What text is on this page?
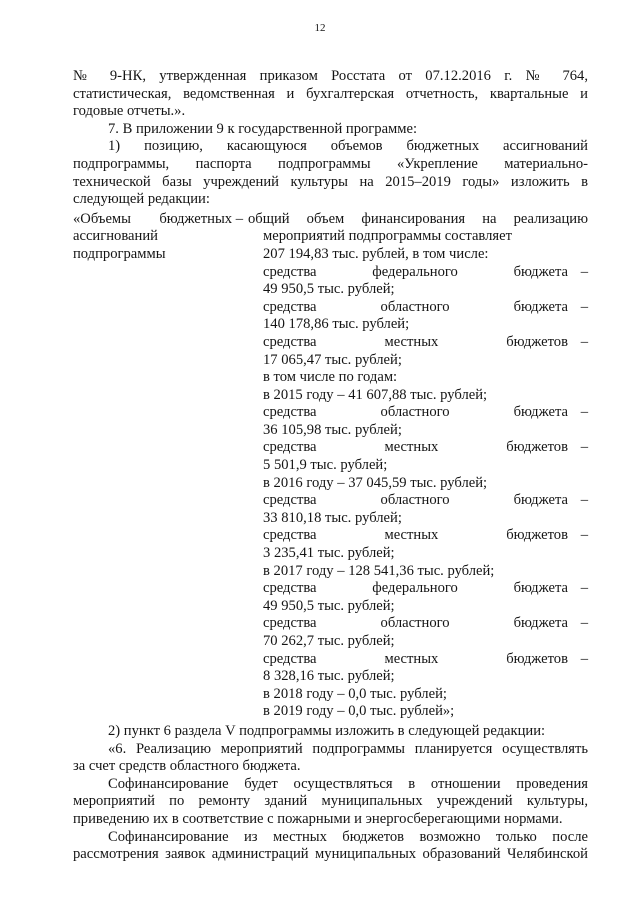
12

№ 9-НК, утвержденная приказом Росстата от 07.12.2016 г. № 764,

статистическая, ведомственная и бухгалтерская отчетность, квартальные и

годовые отчеты.».

7. В приложении 9 к государственной программе:

1) позицию, касающуюся объемов бюджетных ассигнований

подпрограммы, паспорта подпрограммы «Укрепление материально-

технической базы учреждений культуры на 2015–2019 годы» изложить в

следующей редакции:

«Объемы бюджетных – общий объем финансирования на реализацию

ассигнований

подпрограммы

мероприятий подпрограммы составляет
207 194,83 тыс. рублей, в том числе:
средства федерального бюджета –
49 950,5 тыс. рублей;
средства областного бюджета –
140 178,86 тыс. рублей;
средства местных бюджетов –
17 065,47 тыс. рублей;
в том числе по годам:
в 2015 году – 41 607,88 тыс. рублей;
средства областного бюджета –
36 105,98 тыс. рублей;
средства местных бюджетов –
5 501,9 тыс. рублей;
в 2016 году – 37 045,59 тыс. рублей;
средства областного бюджета –
33 810,18 тыс. рублей;
средства местных бюджетов –
3 235,41 тыс. рублей;
в 2017 году – 128 541,36 тыс. рублей;
средства федерального бюджета –
49 950,5 тыс. рублей;
средства областного бюджета –
70 262,7 тыс. рублей;
средства местных бюджетов –
8 328,16 тыс. рублей;
в 2018 году – 0,0 тыс. рублей;
в 2019 году – 0,0 тыс. рублей»;

2) пункт 6 раздела V подпрограммы изложить в следующей редакции:

«6. Реализацию мероприятий подпрограммы планируется осуществлять

за счет средств областного бюджета.

Софинансирование будет осуществляться в отношении проведения

мероприятий по ремонту зданий муниципальных учреждений культуры,

приведению их в соответствие с пожарными и энергосберегающими нормами.

Софинансирование из местных бюджетов возможно только после

рассмотрения заявок администраций муниципальных образований Челябинской
